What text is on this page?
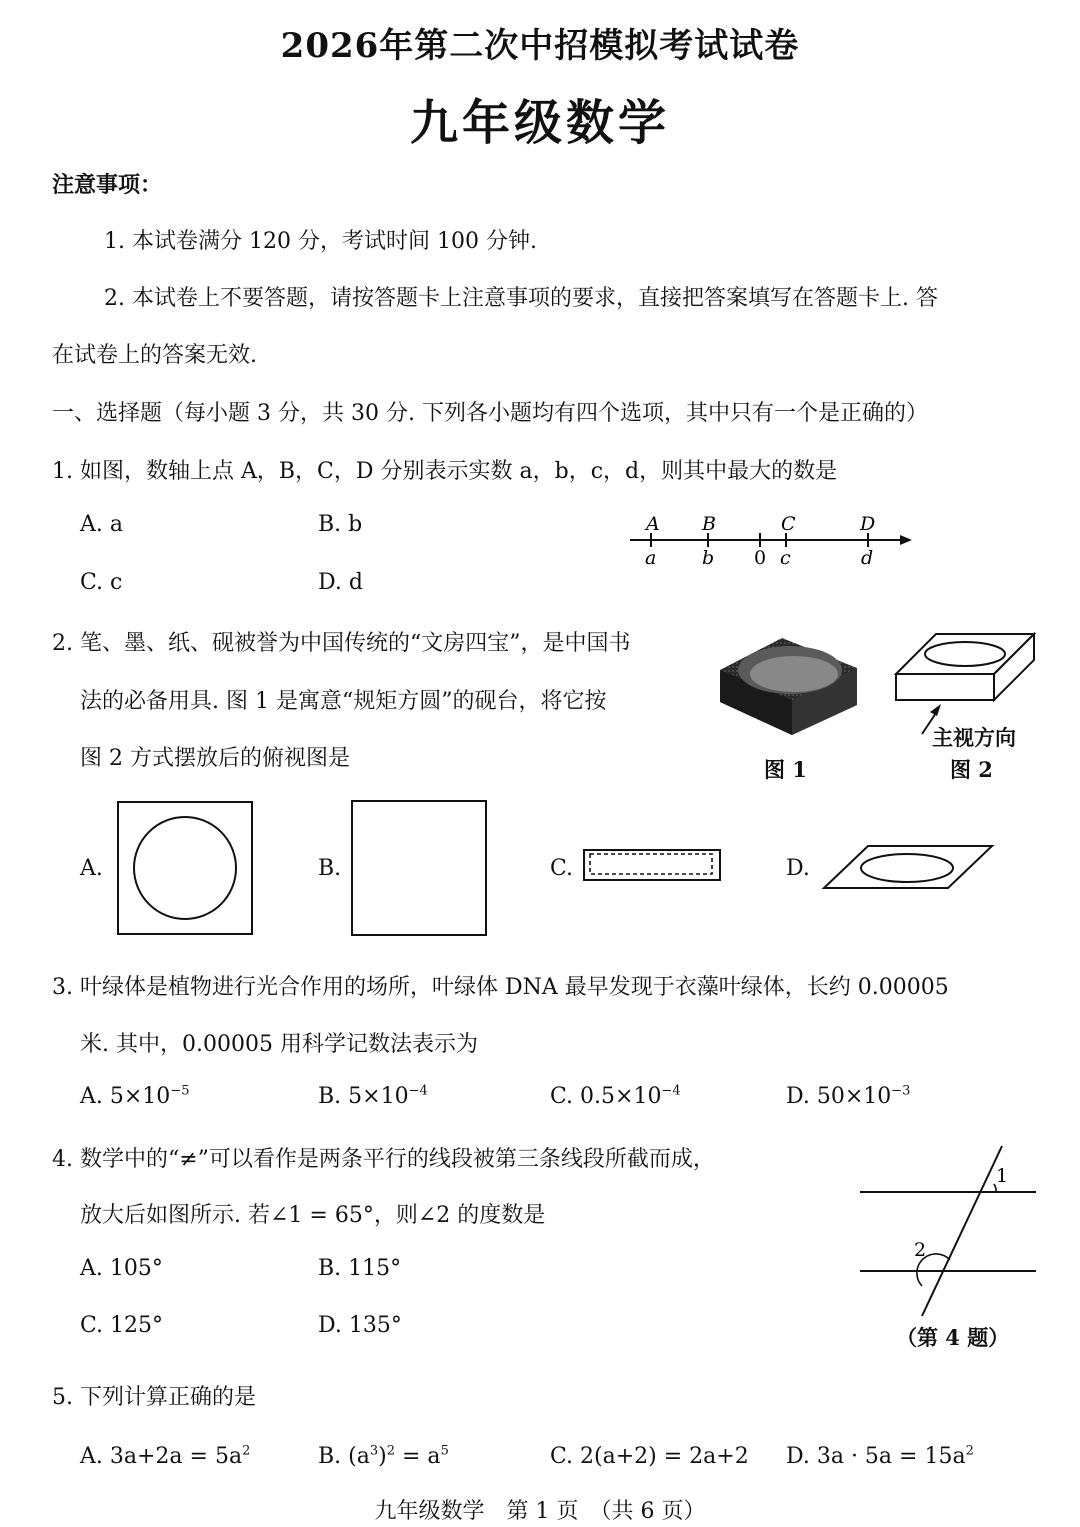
2026年第二次中招模拟考试试卷
九年级数学
注意事项：
1. 本试卷满分 120 分，考试时间 100 分钟.
2. 本试卷上不要答题，请按答题卡上注意事项的要求，直接把答案填写在答题卡上. 答
在试卷上的答案无效.
一、选择题（每小题 3 分，共 30 分. 下列各小题均有四个选项，其中只有一个是正确的）
1. 如图，数轴上点 A，B，C，D 分别表示实数 a，b，c，d，则其中最大的数是
A. a	B. b
C. c	D. d
A B	C	D
a b 0 c	d
2. 笔、墨、纸、砚被誉为中国传统的“文房四宝”，是中国书
法的必备用具. 图 1 是寓意“规矩方圆”的砚台，将它按
图 2 方式摆放后的俯视图是	图 1
主视方向
图 2
A.	B.	C.	D.
3. 叶绿体是植物进行光合作用的场所，叶绿体 DNA 最早发现于衣藻叶绿体，长约 0.00005
米. 其中，0.00005 用科学记数法表示为
A. $5\times 10^{-5}$	B. $5\times 10^{-4}$	C. $0.5\times 10^{-4}$	D. $50\times 10^{-3}$
4. 数学中的“≠”可以看作是两条平行的线段被第三条线段所截而成，
放大后如图所示. 若∠1 = 65°，则∠2 的度数是
A. 105°	B. 115°
C. 125°	D. 135°
1
2
（第 4 题）
5. 下列计算正确的是
A. $3a+2a = 5a^2$	B. $(a^3)^2 = a^5$	C. 2(a+2) = 2a+2 D. $3a \cdot 5a = 15a^2$
九年级数学　第 1 页　（共 6 页）
